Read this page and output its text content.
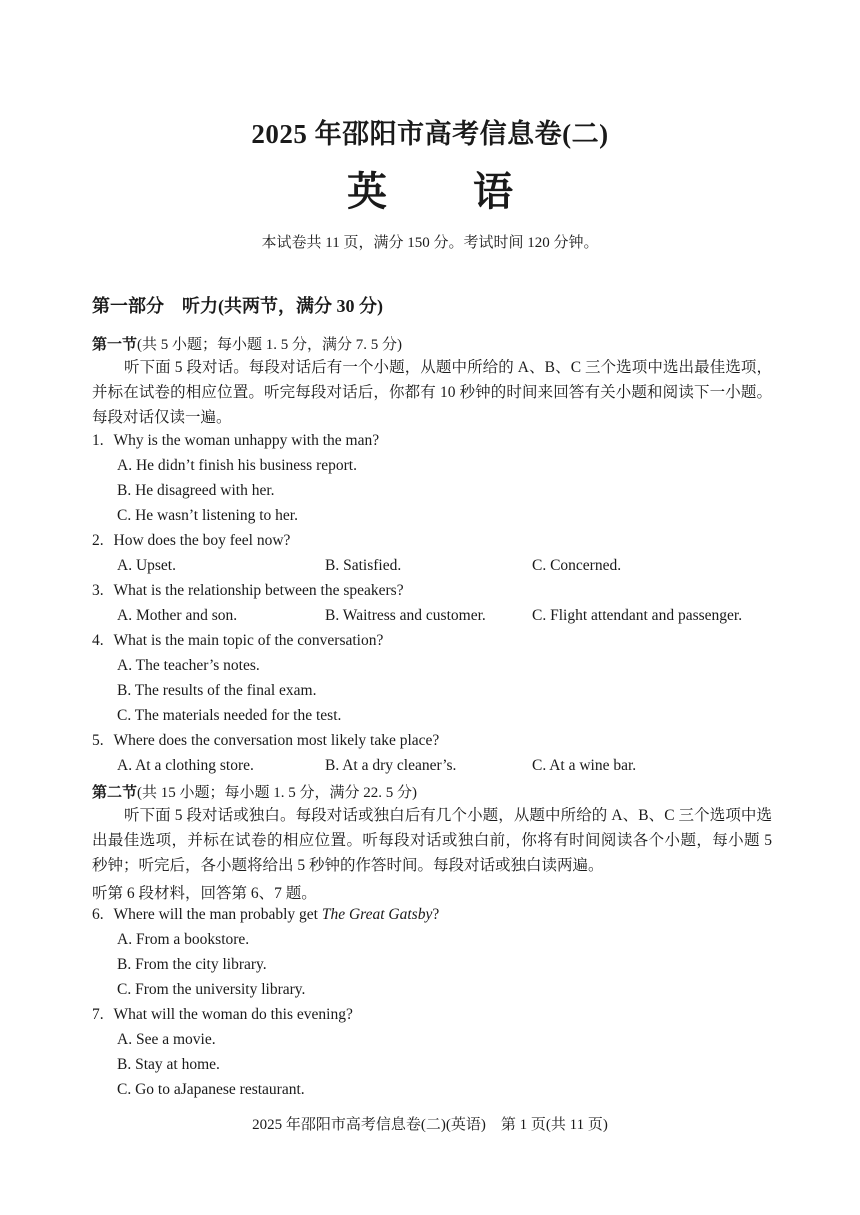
2025 年邵阳市高考信息卷(二)
英 语
本试卷共 11 页，满分 150 分。考试时间 120 分钟。
第一部分　听力(共两节，满分 30 分)
第一节(共 5 小题；每小题 1. 5 分，满分 7. 5 分)

听下面 5 段对话。每段对话后有一个小题，从题中所给的 A、B、C 三个选项中选出最佳选项，并标在试卷的相应位置。听完每段对话后，你都有 10 秒钟的时间来回答有关小题和阅读下一小题。每段对话仅读一遍。

1. Why is the woman unhappy with the man?
A. He didn’t finish his business report.
B. He disagreed with her.
C. He wasn’t listening to her.
2. How does the boy feel now?
A. Upset.	B. Satisfied.	C. Concerned.
3. What is the relationship between the speakers?
A. Mother and son.	B. Waitress and customer.	C. Flight attendant and passenger.
4. What is the main topic of the conversation?
A. The teacher’s notes.
B. The results of the final exam.
C. The materials needed for the test.
5. Where does the conversation most likely take place?
A. At a clothing store.	B. At a dry cleaner’s.	C. At a wine bar.
第二节(共 15 小题；每小题 1. 5 分，满分 22. 5 分)

听下面 5 段对话或独白。每段对话或独白后有几个小题，从题中所给的 A、B、C 三个选项中选出最佳选项，并标在试卷的相应位置。听每段对话或独白前，你将有时间阅读各个小题，每小题 5 秒钟；听完后，各小题将给出 5 秒钟的作答时间。每段对话或独白读两遍。

听第 6 段材料，回答第 6、7 题。
6. Where will the man probably get The Great Gatsby?
A. From a bookstore.
B. From the city library.
C. From the university library.
7. What will the woman do this evening?
A. See a movie.
B. Stay at home.
C. Go to aJapanese restaurant.
2025 年邵阳市高考信息卷(二)(英语)　第 1 页(共 11 页)
